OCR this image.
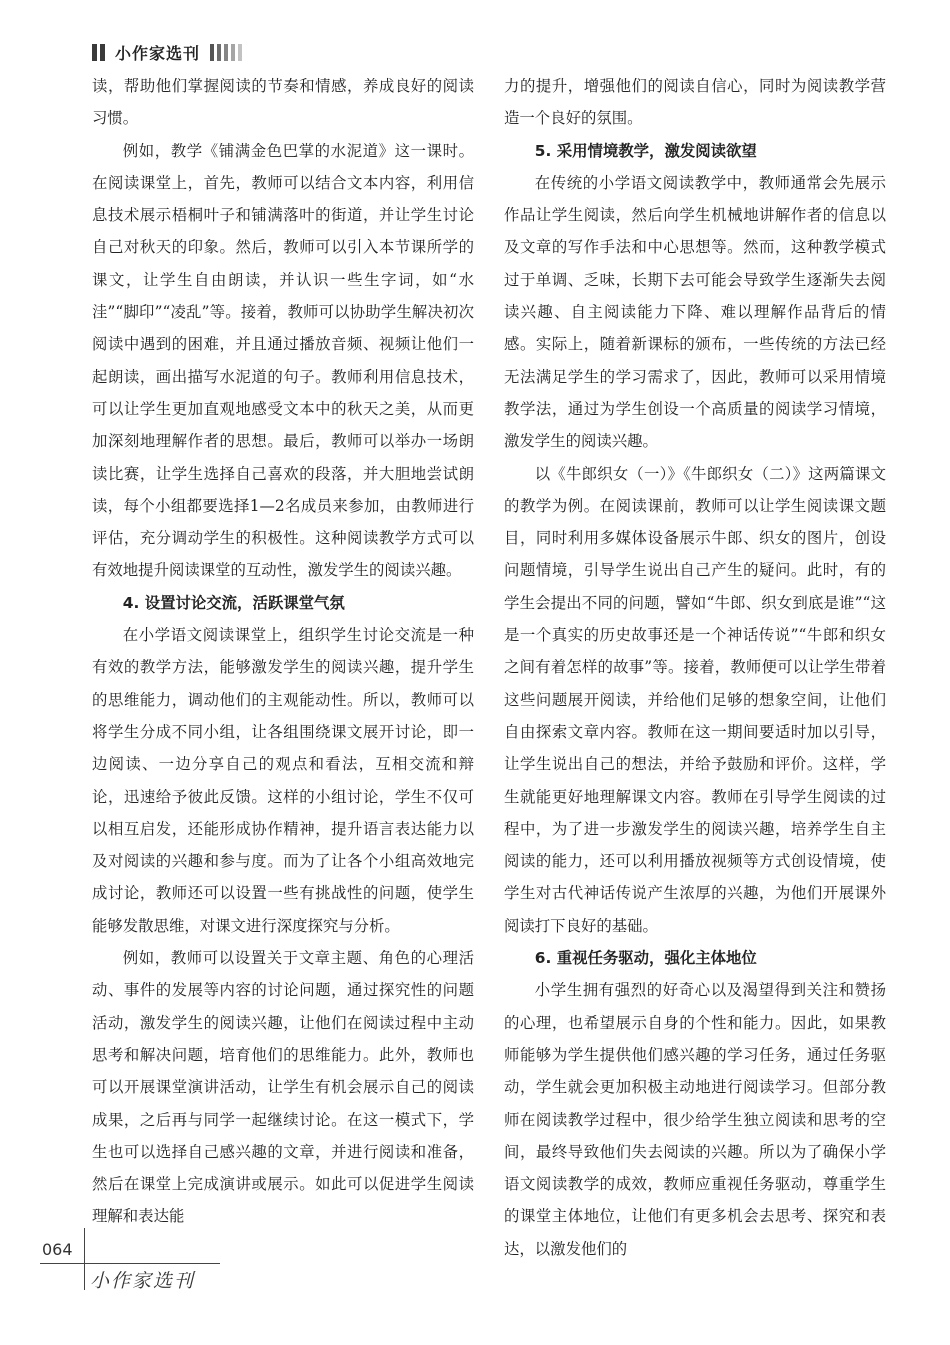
小作家选刊

读，帮助他们掌握阅读的节奏和情感，养成良好的阅读习惯。

例如，教学《铺满金色巴掌的水泥道》这一课时。在阅读课堂上，首先，教师可以结合文本内容，利用信息技术展示梧桐叶子和铺满落叶的街道，并让学生讨论自己对秋天的印象。然后，教师可以引入本节课所学的课文，让学生自由朗读，并认识一些生字词，如“水洼”“脚印”“凌乱”等。接着，教师可以协助学生解决初次阅读中遇到的困难，并且通过播放音频、视频让他们一起朗读，画出描写水泥道的句子。教师利用信息技术，可以让学生更加直观地感受文本中的秋天之美，从而更加深刻地理解作者的思想。最后，教师可以举办一场朗读比赛，让学生选择自己喜欢的段落，并大胆地尝试朗读，每个小组都要选择1—2名成员来参加，由教师进行评估，充分调动学生的积极性。这种阅读教学方式可以有效地提升阅读课堂的互动性，激发学生的阅读兴趣。

4. 设置讨论交流，活跃课堂气氛

在小学语文阅读课堂上，组织学生讨论交流是一种有效的教学方法，能够激发学生的阅读兴趣，提升学生的思维能力，调动他们的主观能动性。所以，教师可以将学生分成不同小组，让各组围绕课文展开讨论，即一边阅读、一边分享自己的观点和看法，互相交流和辩论，迅速给予彼此反馈。这样的小组讨论，学生不仅可以相互启发，还能形成协作精神，提升语言表达能力以及对阅读的兴趣和参与度。而为了让各个小组高效地完成讨论，教师还可以设置一些有挑战性的问题，使学生能够发散思维，对课文进行深度探究与分析。

例如，教师可以设置关于文章主题、角色的心理活动、事件的发展等内容的讨论问题，通过探究性的问题活动，激发学生的阅读兴趣，让他们在阅读过程中主动思考和解决问题，培育他们的思维能力。此外，教师也可以开展课堂演讲活动，让学生有机会展示自己的阅读成果，之后再与同学一起继续讨论。在这一模式下，学生也可以选择自己感兴趣的文章，并进行阅读和准备，然后在课堂上完成演讲或展示。如此可以促进学生阅读理解和表达能

力的提升，增强他们的阅读自信心，同时为阅读教学营造一个良好的氛围。

5. 采用情境教学，激发阅读欲望

在传统的小学语文阅读教学中，教师通常会先展示作品让学生阅读，然后向学生机械地讲解作者的信息以及文章的写作手法和中心思想等。然而，这种教学模式过于单调、乏味，长期下去可能会导致学生逐渐失去阅读兴趣、自主阅读能力下降、难以理解作品背后的情感。实际上，随着新课标的颁布，一些传统的方法已经无法满足学生的学习需求了，因此，教师可以采用情境教学法，通过为学生创设一个高质量的阅读学习情境，激发学生的阅读兴趣。

以《牛郎织女（一）》《牛郎织女（二）》这两篇课文的教学为例。在阅读课前，教师可以让学生阅读课文题目，同时利用多媒体设备展示牛郎、织女的图片，创设问题情境，引导学生说出自己产生的疑问。此时，有的学生会提出不同的问题，譬如“牛郎、织女到底是谁”“这是一个真实的历史故事还是一个神话传说”“牛郎和织女之间有着怎样的故事”等。接着，教师便可以让学生带着这些问题展开阅读，并给他们足够的想象空间，让他们自由探索文章内容。教师在这一期间要适时加以引导，让学生说出自己的想法，并给予鼓励和评价。这样，学生就能更好地理解课文内容。教师在引导学生阅读的过程中，为了进一步激发学生的阅读兴趣，培养学生自主阅读的能力，还可以利用播放视频等方式创设情境，使学生对古代神话传说产生浓厚的兴趣，为他们开展课外阅读打下良好的基础。

6. 重视任务驱动，强化主体地位

小学生拥有强烈的好奇心以及渴望得到关注和赞扬的心理，也希望展示自身的个性和能力。因此，如果教师能够为学生提供他们感兴趣的学习任务，通过任务驱动，学生就会更加积极主动地进行阅读学习。但部分教师在阅读教学过程中，很少给学生独立阅读和思考的空间，最终导致他们失去阅读的兴趣。所以为了确保小学语文阅读教学的成效，教师应重视任务驱动，尊重学生的课堂主体地位，让他们有更多机会去思考、探究和表达，以激发他们的

064
小作家选刊
